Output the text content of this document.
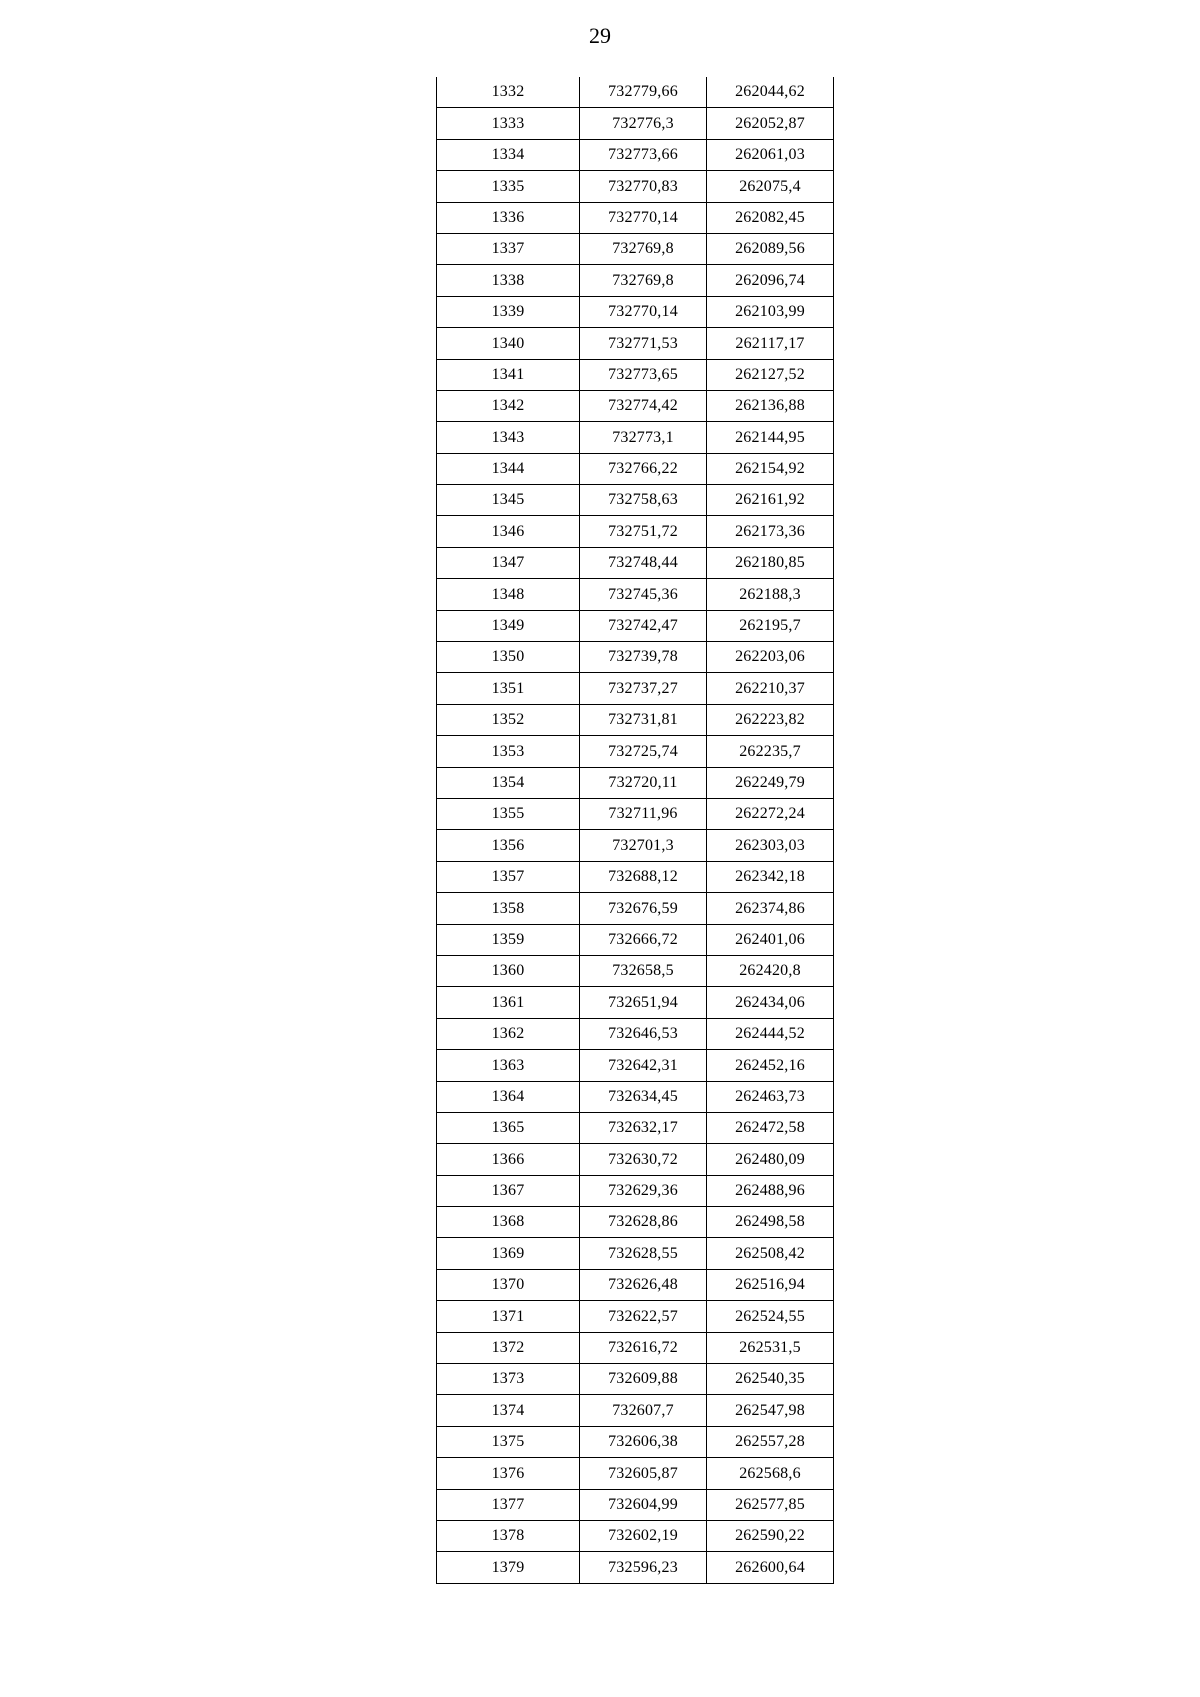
29
1332	732779,66	262044,62
1333	732776,3	262052,87
1334	732773,66	262061,03
1335	732770,83	262075,4
1336	732770,14	262082,45
1337	732769,8	262089,56
1338	732769,8	262096,74
1339	732770,14	262103,99
1340	732771,53	262117,17
1341	732773,65	262127,52
1342	732774,42	262136,88
1343	732773,1	262144,95
1344	732766,22	262154,92
1345	732758,63	262161,92
1346	732751,72	262173,36
1347	732748,44	262180,85
1348	732745,36	262188,3
1349	732742,47	262195,7
1350	732739,78	262203,06
1351	732737,27	262210,37
1352	732731,81	262223,82
1353	732725,74	262235,7
1354	732720,11	262249,79
1355	732711,96	262272,24
1356	732701,3	262303,03
1357	732688,12	262342,18
1358	732676,59	262374,86
1359	732666,72	262401,06
1360	732658,5	262420,8
1361	732651,94	262434,06
1362	732646,53	262444,52
1363	732642,31	262452,16
1364	732634,45	262463,73
1365	732632,17	262472,58
1366	732630,72	262480,09
1367	732629,36	262488,96
1368	732628,86	262498,58
1369	732628,55	262508,42
1370	732626,48	262516,94
1371	732622,57	262524,55
1372	732616,72	262531,5
1373	732609,88	262540,35
1374	732607,7	262547,98
1375	732606,38	262557,28
1376	732605,87	262568,6
1377	732604,99	262577,85
1378	732602,19	262590,22
1379	732596,23	262600,64
